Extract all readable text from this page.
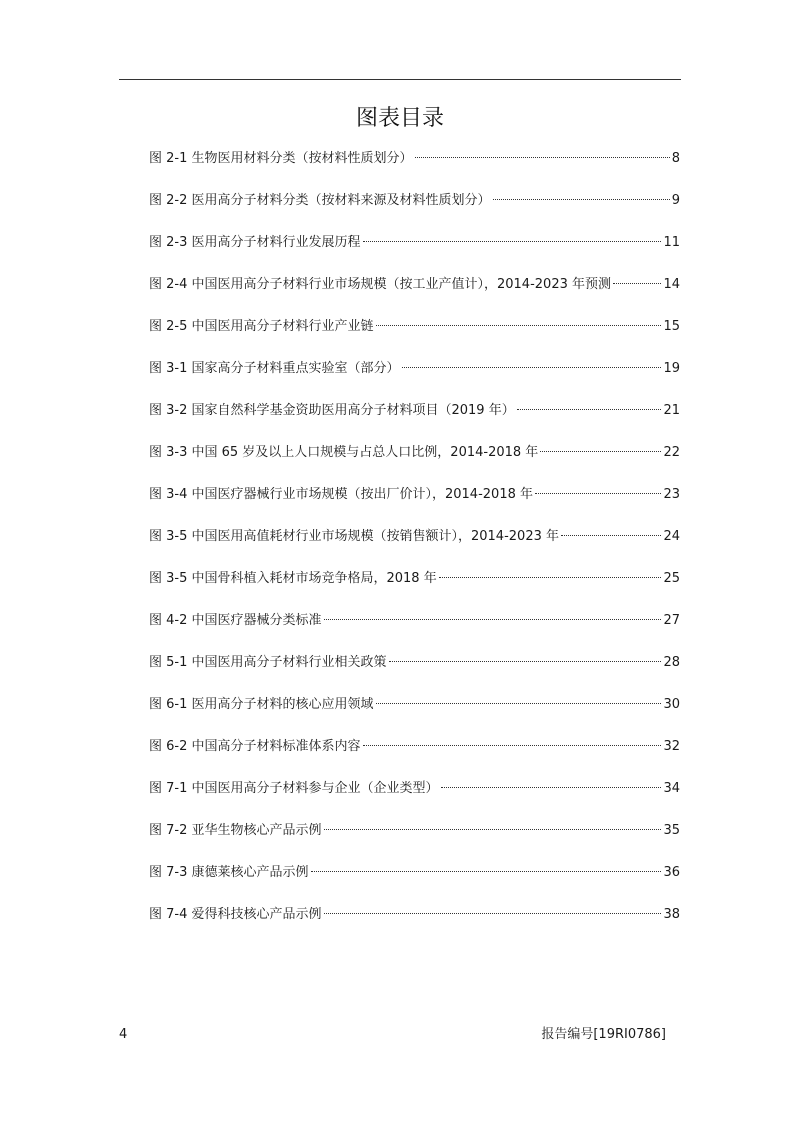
图表目录
图 2-1 生物医用材料分类（按材料性质划分）	8
图 2-2 医用高分子材料分类（按材料来源及材料性质划分）	9
图 2-3 医用高分子材料行业发展历程	11
图 2-4 中国医用高分子材料行业市场规模（按工业产值计），2014-2023 年预测	14
图 2-5 中国医用高分子材料行业产业链	15
图 3-1 国家高分子材料重点实验室（部分）	19
图 3-2 国家自然科学基金资助医用高分子材料项目（2019 年）	21
图 3-3 中国 65 岁及以上人口规模与占总人口比例，2014-2018 年	22
图 3-4 中国医疗器械行业市场规模（按出厂价计），2014-2018 年	23
图 3-5 中国医用高值耗材行业市场规模（按销售额计），2014-2023 年	24
图 3-5 中国骨科植入耗材市场竞争格局，2018 年	25
图 4-2 中国医疗器械分类标准	27
图 5-1 中国医用高分子材料行业相关政策	28
图 6-1 医用高分子材料的核心应用领域	30
图 6-2 中国高分子材料标准体系内容	32
图 7-1 中国医用高分子材料参与企业（企业类型）	34
图 7-2 亚华生物核心产品示例	35
图 7-3 康德莱核心产品示例	36
图 7-4 爱得科技核心产品示例	38
4	报告编号[19RI0786]
